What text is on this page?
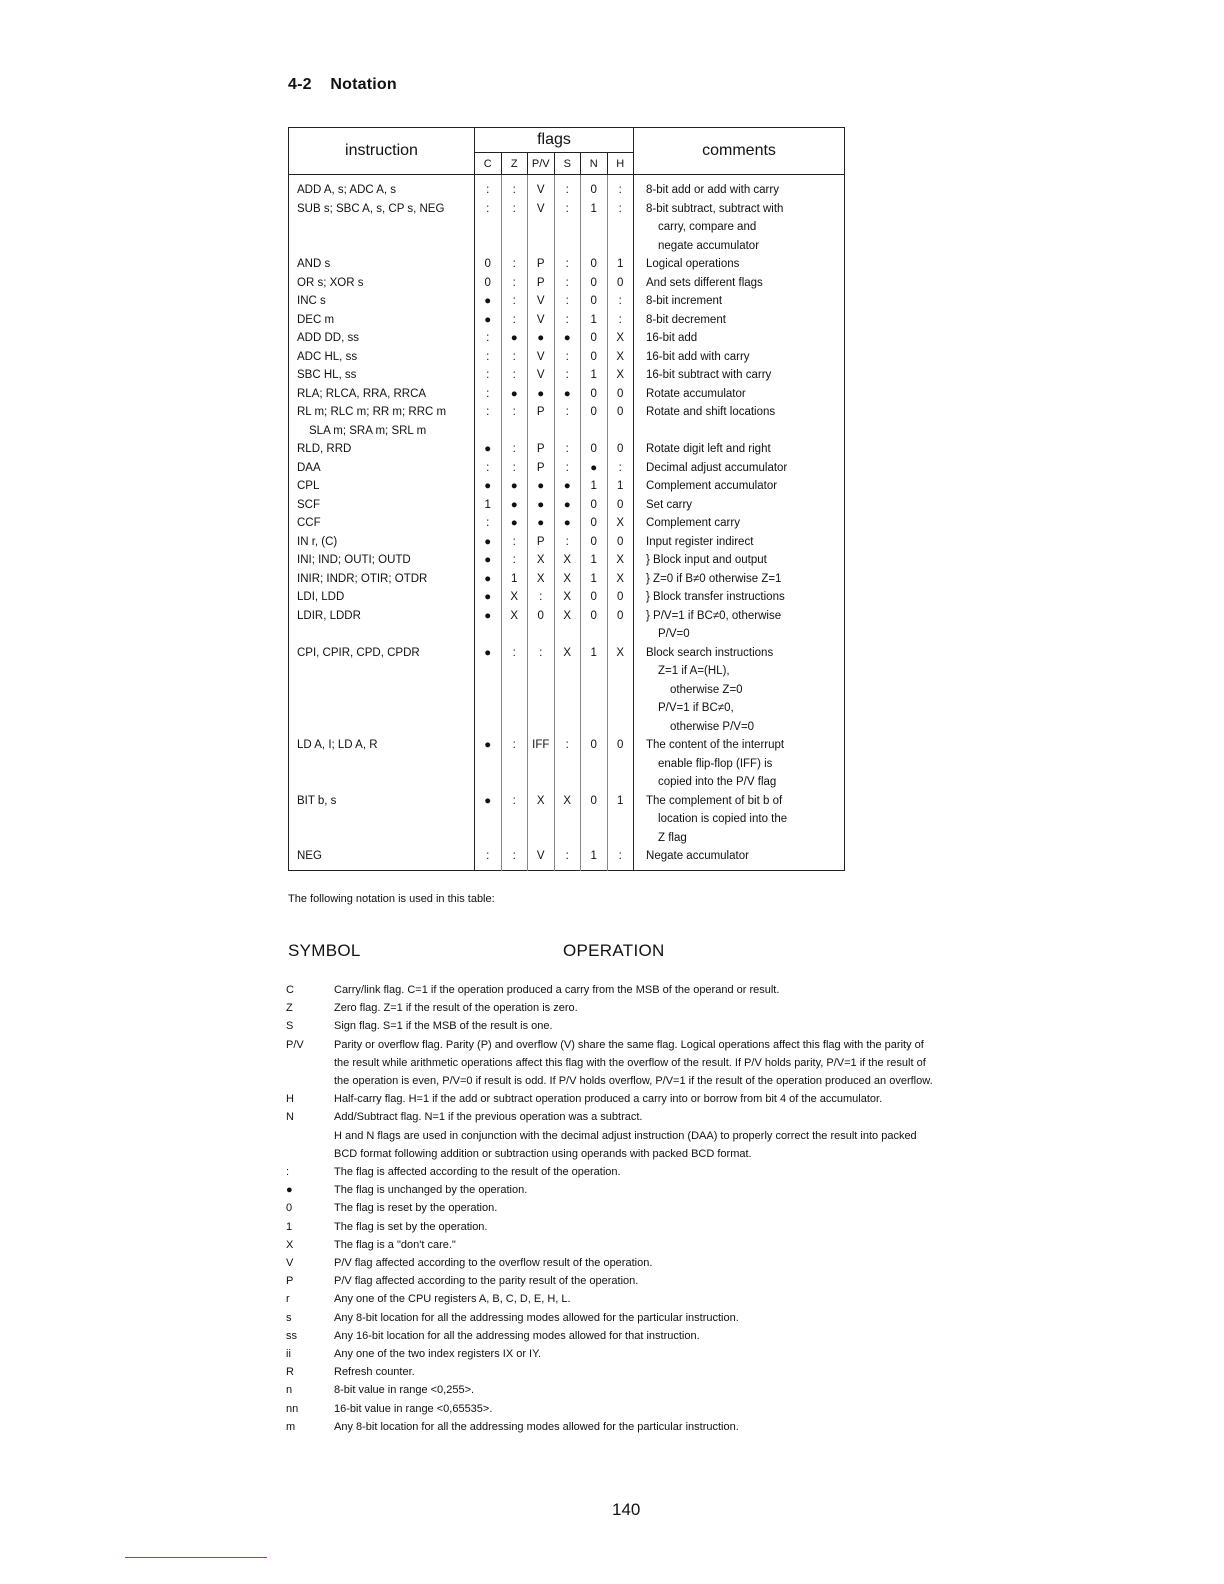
4-2 Notation
instruction	flags						comments
	C	Z	P/V	S	N	H	
ADD A, s; ADC A, s	:	:	V	:	0	:	8-bit add or add with carry
SUB s; SBC A, s, CP s, NEG	:	:	V	:	1	:	8-bit subtract, subtract with
							carry, compare and
							negate accumulator
AND s	0	:	P	:	0	1	Logical operations
OR s; XOR s	0	:	P	:	0	0	And sets different flags
INC s	●	:	V	:	0	:	8-bit increment
DEC m	●	:	V	:	1	:	8-bit decrement
ADD DD, ss	:	●	●	●	0	X	16-bit add
ADC HL, ss	:	:	V	:	0	X	16-bit add with carry
SBC HL, ss	:	:	V	:	1	X	16-bit subtract with carry
RLA; RLCA, RRA, RRCA	:	●	●	●	0	0	Rotate accumulator
RL m; RLC m; RR m; RRC m	:	:	P	:	0	0	Rotate and shift locations
SLA m; SRA m; SRL m							
RLD, RRD	●	:	P	:	0	0	Rotate digit left and right
DAA	:	:	P	:	●	:	Decimal adjust accumulator
CPL	●	●	●	●	1	1	Complement accumulator
SCF	1	●	●	●	0	0	Set carry
CCF	:	●	●	●	0	X	Complement carry
IN r, (C)	●	:	P	:	0	0	Input register indirect
INI; IND; OUTI; OUTD	●	:	X	X	1	X	} Block input and output
INIR; INDR; OTIR; OTDR	●	1	X	X	1	X	} Z=0 if B≠0 otherwise Z=1
LDI, LDD	●	X	:	X	0	0	} Block transfer instructions
LDIR, LDDR	●	X	0	X	0	0	} P/V=1 if BC≠0, otherwise
							P/V=0
CPI, CPIR, CPD, CPDR	●	:	:	X	1	X	Block search instructions
							Z=1 if A=(HL),
							otherwise Z=0
							P/V=1 if BC≠0,
							otherwise P/V=0
LD A, I; LD A, R	●	:	IFF	:	0	0	The content of the interrupt
							enable flip-flop (IFF) is
							copied into the P/V flag
BIT b, s	●	:	X	X	0	1	The complement of bit b of
							location is copied into the
							Z flag
NEG	:	:	V	:	1	:	Negate accumulator
The following notation is used in this table:
SYMBOL	OPERATION
C	Carry/link flag. C=1 if the operation produced a carry from the MSB of the operand or result.
Z	Zero flag. Z=1 if the result of the operation is zero.
S	Sign flag. S=1 if the MSB of the result is one.
P/V	Parity or overflow flag. Parity (P) and overflow (V) share the same flag. Logical operations affect this flag with the parity of the result while arithmetic operations affect this flag with the overflow of the result. If P/V holds parity, P/V=1 if the result of the operation is even, P/V=0 if result is odd. If P/V holds overflow, P/V=1 if the result of the operation produced an overflow.
H	Half-carry flag. H=1 if the add or subtract operation produced a carry into or borrow from bit 4 of the accumulator.
N	Add/Subtract flag. N=1 if the previous operation was a subtract.
H and N flags are used in conjunction with the decimal adjust instruction (DAA) to properly correct the result into packed BCD format following addition or subtraction using operands with packed BCD format.
:	The flag is affected according to the result of the operation.
●	The flag is unchanged by the operation.
0	The flag is reset by the operation.
1	The flag is set by the operation.
X	The flag is a "don't care."
V	P/V flag affected according to the overflow result of the operation.
P	P/V flag affected according to the parity result of the operation.
r	Any one of the CPU registers A, B, C, D, E, H, L.
s	Any 8-bit location for all the addressing modes allowed for the particular instruction.
ss	Any 16-bit location for all the addressing modes allowed for that instruction.
ii	Any one of the two index registers IX or IY.
R	Refresh counter.
n	8-bit value in range <0,255>.
nn	16-bit value in range <0,65535>.
m	Any 8-bit location for all the addressing modes allowed for the particular instruction.
140
